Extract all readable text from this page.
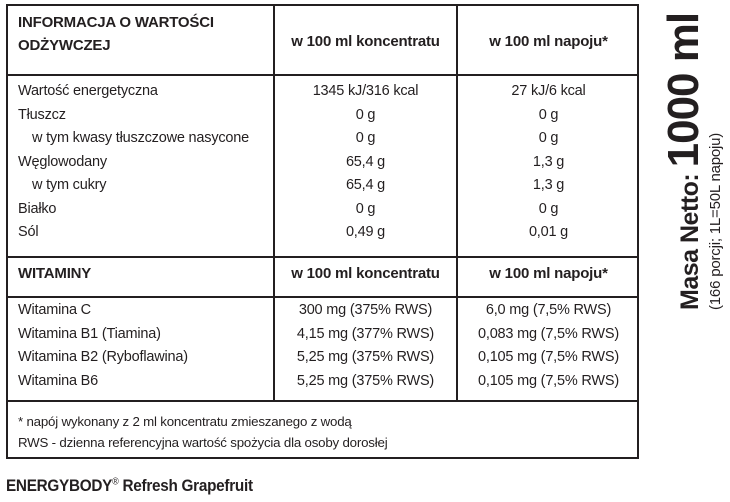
INFORMACJA O WARTOŚCI
ODŻYWCZEJ	w 100 ml koncentratu	w 100 ml napoju*
WITAMINY	w 100 ml koncentratu	w 100 ml napoju*
* napój wykonany z 2 ml koncentratu zmieszanego z wodą
RWS - dzienna referencyjna wartość spożycia dla osoby dorosłej
Wartość energetyczna	1345 kJ/316 kcal	27 kJ/6 kcal
Tłuszcz	0 g	0 g
w tym kwasy tłuszczowe nasycone	0 g	0 g
Węglowodany	65,4 g	1,3 g
w tym cukry	65,4 g	1,3 g
Białko	0 g	0 g
Sól	0,49 g	0,01 g
Witamina C	300 mg (375% RWS)	6,0 mg (7,5% RWS)
Witamina B1 (Tiamina)	4,15 mg (377% RWS)	0,083 mg (7,5% RWS)
Witamina B2 (Ryboflawina)	5,25 mg (375% RWS)	0,105 mg (7,5% RWS)
Witamina B6	5,25 mg (375% RWS)	0,105 mg (7,5% RWS)
ENERGYBODY® Refresh Grapefruit
Masa Netto: 1000 ml
(166 porcji; 1L=50L napoju)
